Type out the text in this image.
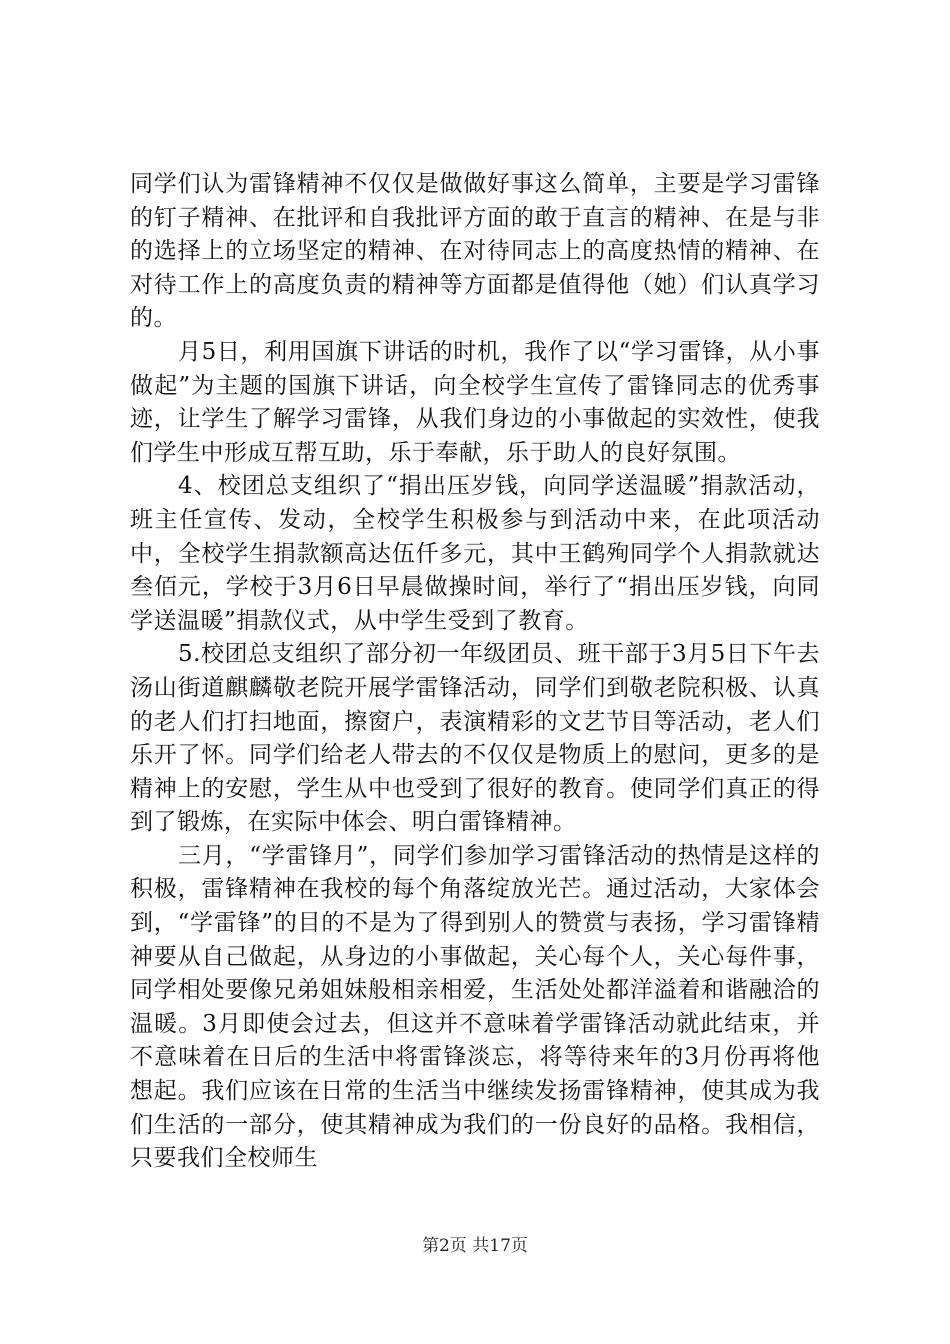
同学们认为雷锋精神不仅仅是做做好事这么简单，主要是学习雷锋的钉子精神、在批评和自我批评方面的敢于直言的精神、在是与非的选择上的立场坚定的精神、在对待同志上的高度热情的精神、在对待工作上的高度负责的精神等方面都是值得他（她）们认真学习的。

月5日，利用国旗下讲话的时机，我作了以“学习雷锋，从小事做起”为主题的国旗下讲话，向全校学生宣传了雷锋同志的优秀事迹，让学生了解学习雷锋，从我们身边的小事做起的实效性，使我们学生中形成互帮互助，乐于奉献，乐于助人的良好氛围。

4、校团总支组织了“捐出压岁钱，向同学送温暖”捐款活动，班主任宣传、发动，全校学生积极参与到活动中来，在此项活动中，全校学生捐款额高达伍仟多元，其中王鹤殉同学个人捐款就达叁佰元，学校于3月6日早晨做操时间，举行了“捐出压岁钱，向同学送温暖”捐款仪式，从中学生受到了教育。

5.校团总支组织了部分初一年级团员、班干部于3月5日下午去汤山街道麒麟敬老院开展学雷锋活动，同学们到敬老院积极、认真的老人们打扫地面，擦窗户，表演精彩的文艺节目等活动，老人们乐开了怀。同学们给老人带去的不仅仅是物质上的慰问，更多的是精神上的安慰，学生从中也受到了很好的教育。使同学们真正的得到了锻炼，在实际中体会、明白雷锋精神。

三月，“学雷锋月”，同学们参加学习雷锋活动的热情是这样的积极，雷锋精神在我校的每个角落绽放光芒。通过活动，大家体会到，“学雷锋”的目的不是为了得到别人的赞赏与表扬，学习雷锋精神要从自己做起，从身边的小事做起，关心每个人，关心每件事，同学相处要像兄弟姐妹般相亲相爱，生活处处都洋溢着和谐融洽的温暖。3月即使会过去，但这并不意味着学雷锋活动就此结束，并不意味着在日后的生活中将雷锋淡忘，将等待来年的3月份再将他想起。我们应该在日常的生活当中继续发扬雷锋精神，使其成为我们生活的一部分，使其精神成为我们的一份良好的品格。我相信，只要我们全校师生

第2页 共17页
